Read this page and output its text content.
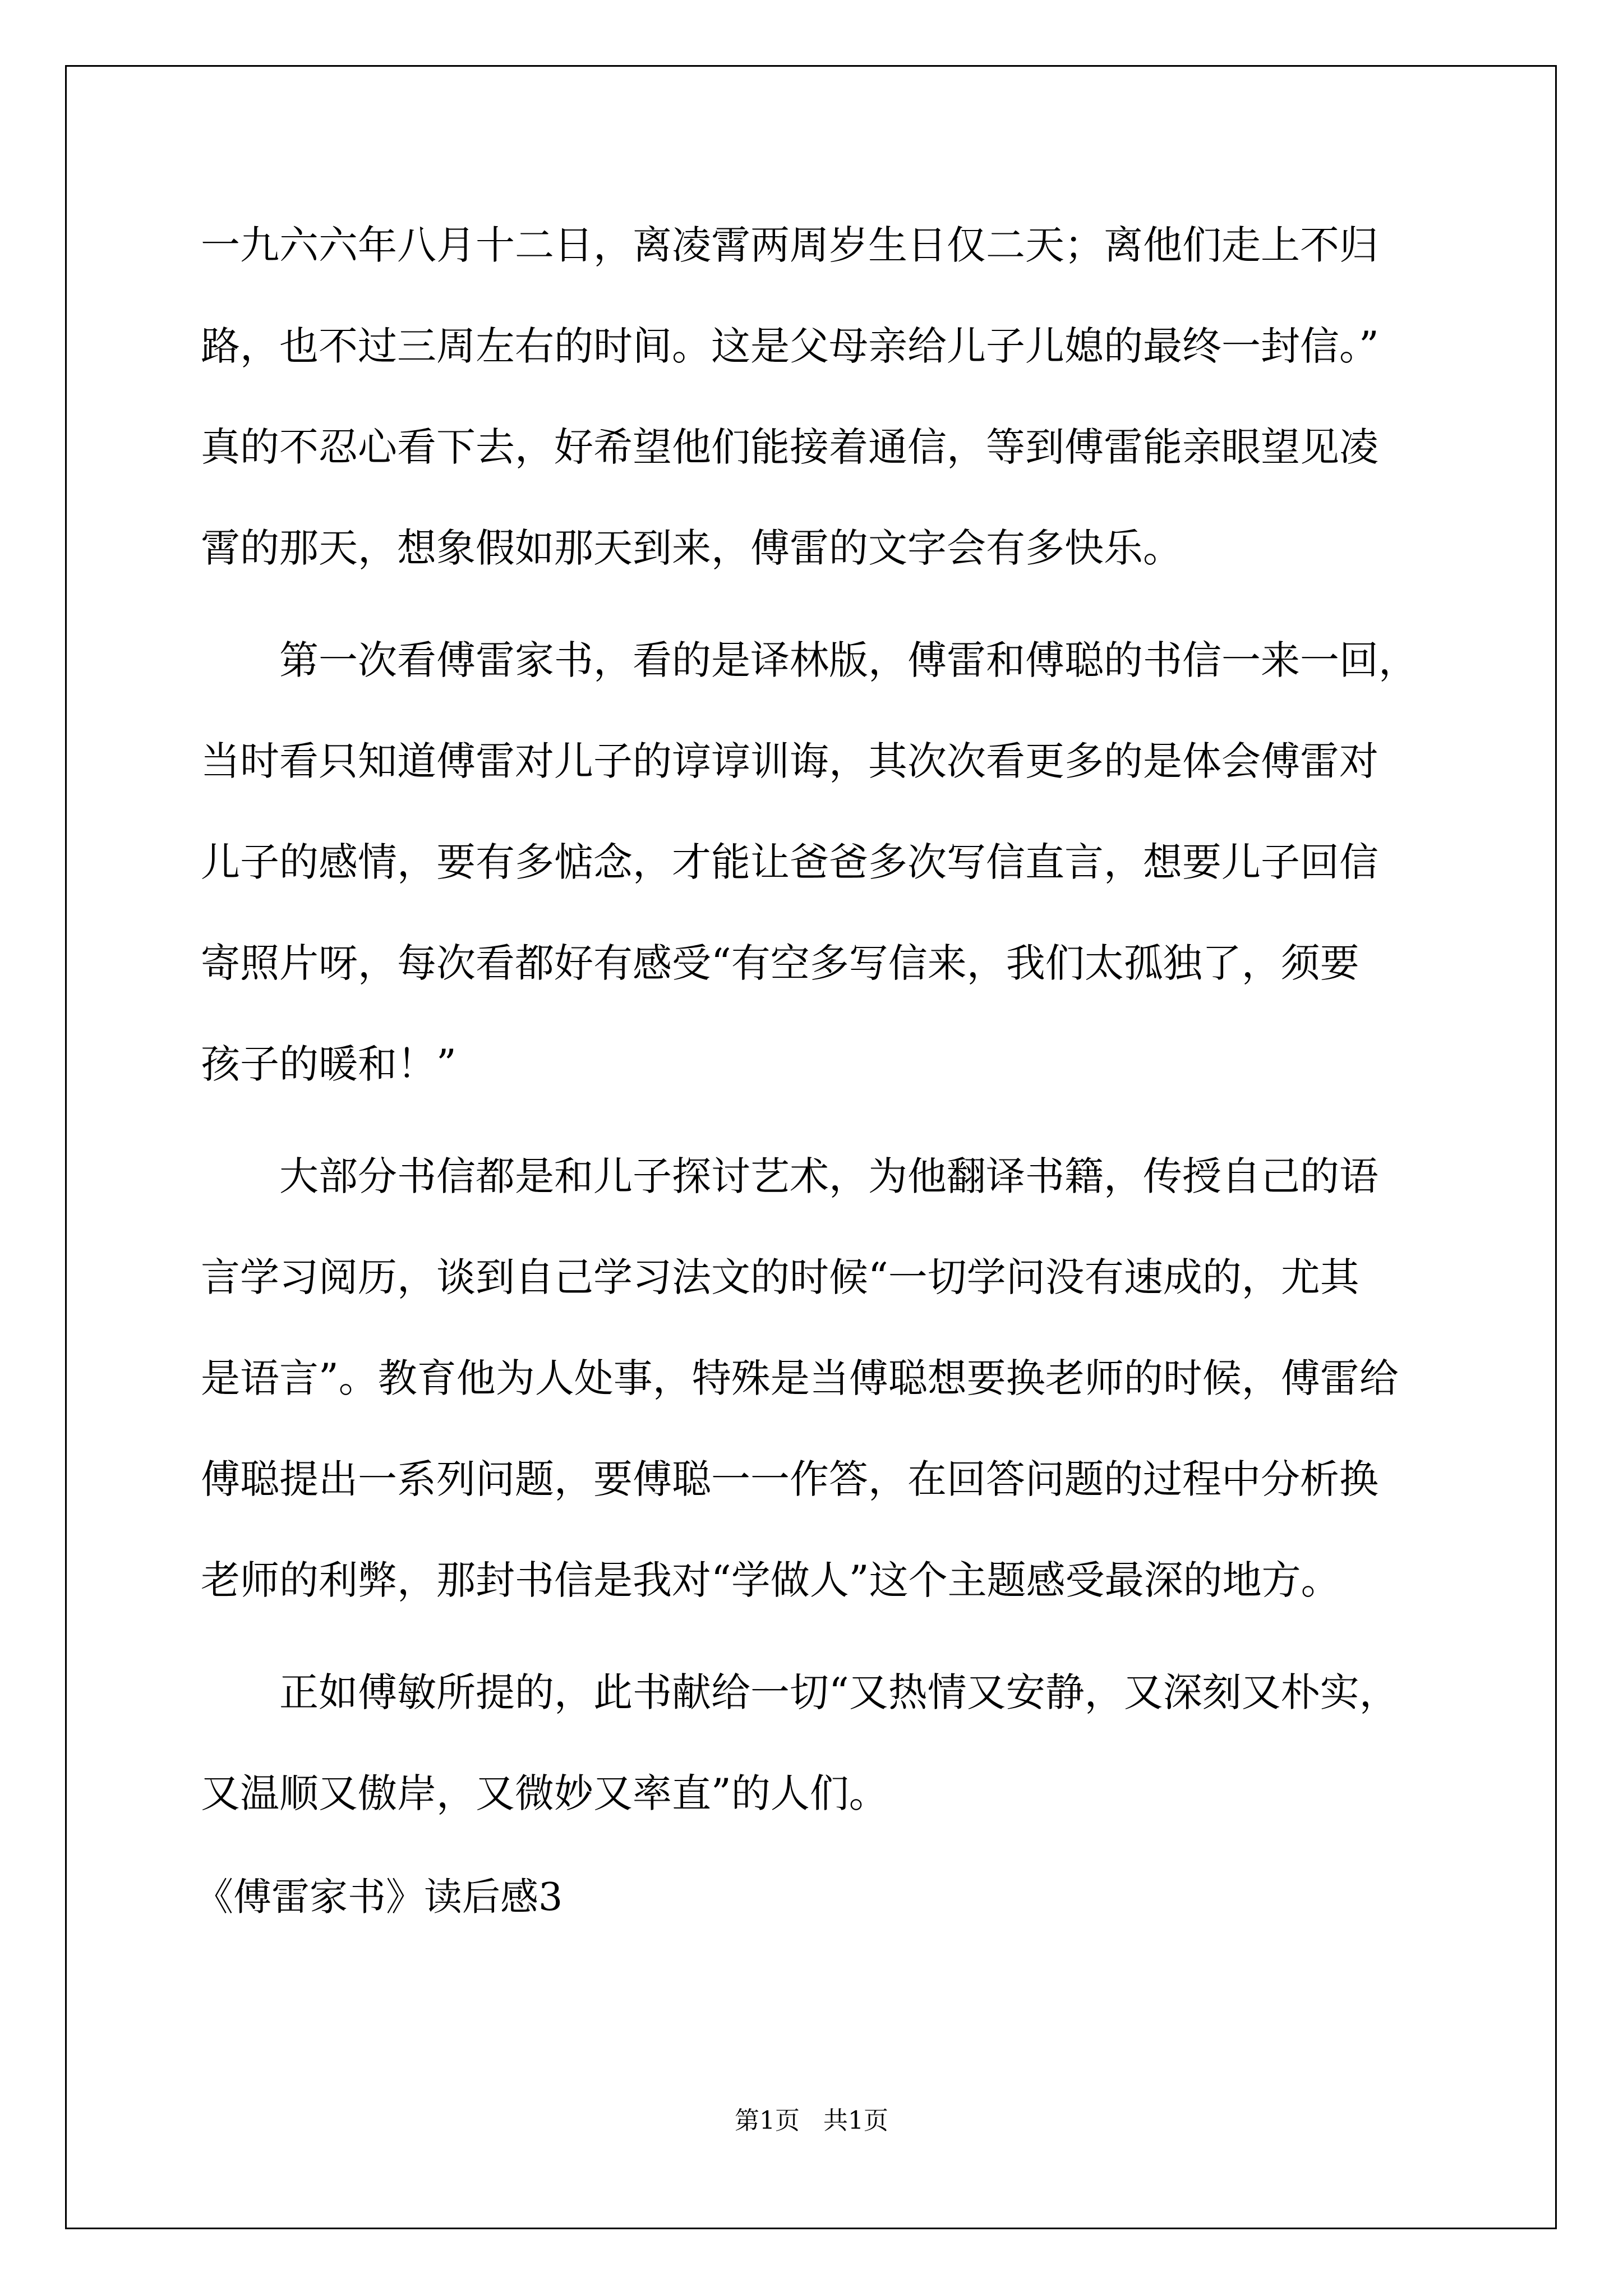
一九六六年八月十二日，离凌霄两周岁生日仅二天；离他们走上不归
路，也不过三周左右的时间。这是父母亲给儿子儿媳的最终一封信。”
真的不忍心看下去，好希望他们能接着通信，等到傅雷能亲眼望见凌
霄的那天，想象假如那天到来，傅雷的文字会有多快乐。
第一次看傅雷家书，看的是译林版，傅雷和傅聪的书信一来一回，
当时看只知道傅雷对儿子的谆谆训诲，其次次看更多的是体会傅雷对
儿子的感情，要有多惦念，才能让爸爸多次写信直言，想要儿子回信
寄照片呀，每次看都好有感受“有空多写信来，我们太孤独了，须要
孩子的暖和！”
大部分书信都是和儿子探讨艺术，为他翻译书籍，传授自己的语
言学习阅历，谈到自己学习法文的时候“一切学问没有速成的，尤其
是语言”。教育他为人处事，特殊是当傅聪想要换老师的时候，傅雷给
傅聪提出一系列问题，要傅聪一一作答，在回答问题的过程中分析换
老师的利弊，那封书信是我对“学做人”这个主题感受最深的地方。
正如傅敏所提的，此书献给一切“又热情又安静，又深刻又朴实，
又温顺又傲岸，又微妙又率直”的人们。
《傅雷家书》读后感3
第1页   共1页
